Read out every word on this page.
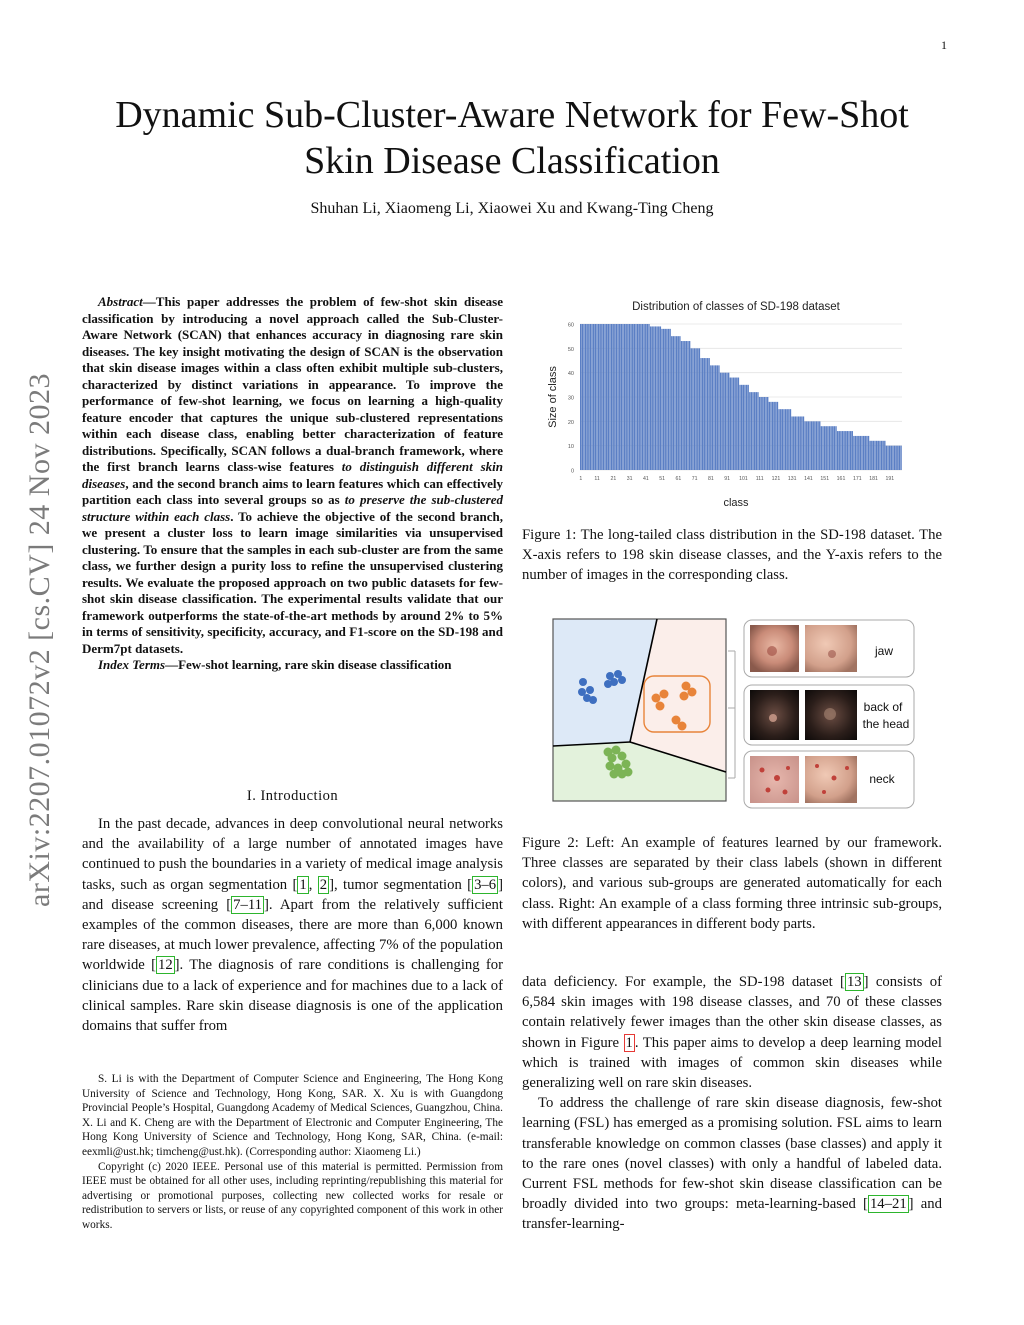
1
Dynamic Sub-Cluster-Aware Network for Few-Shot
Skin Disease Classification
Shuhan Li, Xiaomeng Li, Xiaowei Xu and Kwang-Ting Cheng
arXiv:2207.01072v2 [cs.CV] 24 Nov 2023

Abstract—This paper addresses the problem of few-shot skin disease classification by introducing a novel approach called the Sub-Cluster-Aware Network (SCAN) that enhances accuracy in diagnosing rare skin diseases. The key insight motivating the design of SCAN is the observation that skin disease images within a class often exhibit multiple sub-clusters, characterized by distinct variations in appearance. To improve the performance of few-shot learning, we focus on learning a high-quality feature encoder that captures the unique sub-clustered representations within each disease class, enabling better characterization of feature distributions. Specifically, SCAN follows a dual-branch framework, where the first branch learns class-wise features to distinguish different skin diseases, and the second branch aims to learn features which can effectively partition each class into several groups so as to preserve the sub-clustered structure within each class. To achieve the objective of the second branch, we present a cluster loss to learn image similarities via unsupervised clustering. To ensure that the samples in each sub-cluster are from the same class, we further design a purity loss to refine the unsupervised clustering results. We evaluate the proposed approach on two public datasets for few-shot skin disease classification. The experimental results validate that our framework outperforms the state-of-the-art methods by around 2% to 5% in terms of sensitivity, specificity, accuracy, and F1-score on the SD-198 and Derm7pt datasets.

Index Terms—Few-shot learning, rare skin disease classification

I. Introduction

In the past decade, advances in deep convolutional neural networks and the availability of a large number of annotated images have continued to push the boundaries in a variety of medical image analysis tasks, such as organ segmentation [ 1 , 2 ], tumor segmentation [ 3–6 ] and disease screening [ 7–11 ]. Apart from the relatively sufficient examples of the common diseases, there are more than 6,000 known rare diseases, at much lower prevalence, affecting 7% of the population worldwide [ 12 ]. The diagnosis of rare conditions is challenging for clinicians due to a lack of experience and for machines due to a lack of clinical samples. Rare skin disease diagnosis is one of the application domains that suffer from

S. Li is with the Department of Computer Science and Engineering, The Hong Kong University of Science and Technology, Hong Kong, SAR. X. Xu is with Guangdong Provincial People’s Hospital, Guangdong Academy of Medical Sciences, Guangzhou, China. X. Li and K. Cheng are with the Department of Electronic and Computer Engineering, The Hong Kong University of Science and Technology, Hong Kong, SAR, China. (e-mail: eexmli@ust.hk; timcheng@ust.hk). (Corresponding author: Xiaomeng Li.)

Copyright (c) 2020 IEEE. Personal use of this material is permitted. Permission from IEEE must be obtained for all other uses, including reprinting/republishing this material for advertising or promotional purposes, collecting new collected works for resale or redistribution to servers or lists, or reuse of any copyrighted component of this work in other works.

Distribution of classes of SD-198 dataset
0
10
20
30
40
50
60
1 11 21 31 41 51 61 71 81 91 101 111 121 131 141 151 161 171 181 191
class
Size of class
Figure 1: The long-tailed class distribution in the SD-198 dataset. The X-axis refers to 198 skin disease classes, and the Y-axis refers to the number of images in the corresponding class.
jaw
back of
the head
neck
Figure 2: Left: An example of features learned by our framework. Three classes are separated by their class labels (shown in different colors), and various sub-groups are generated automatically for each class. Right: An example of a class forming three intrinsic sub-groups, with different appearances in different body parts.

data deficiency. For example, the SD-198 dataset [ 13 ] consists of 6,584 skin images with 198 disease classes, and 70 of these classes contain relatively fewer images than the other skin disease classes, as shown in Figure 1 . This paper aims to develop a deep learning model which is trained with images of common skin diseases while generalizing well on rare skin diseases.

To address the challenge of rare skin disease diagnosis, few-shot learning (FSL) has emerged as a promising solution. FSL aims to learn transferable knowledge on common classes (base classes) and apply it to the rare ones (novel classes) with only a handful of labeled data. Current FSL methods for few-shot skin disease classification can be broadly divided into two groups: meta-learning-based [ 14–21 ] and transfer-learning-
